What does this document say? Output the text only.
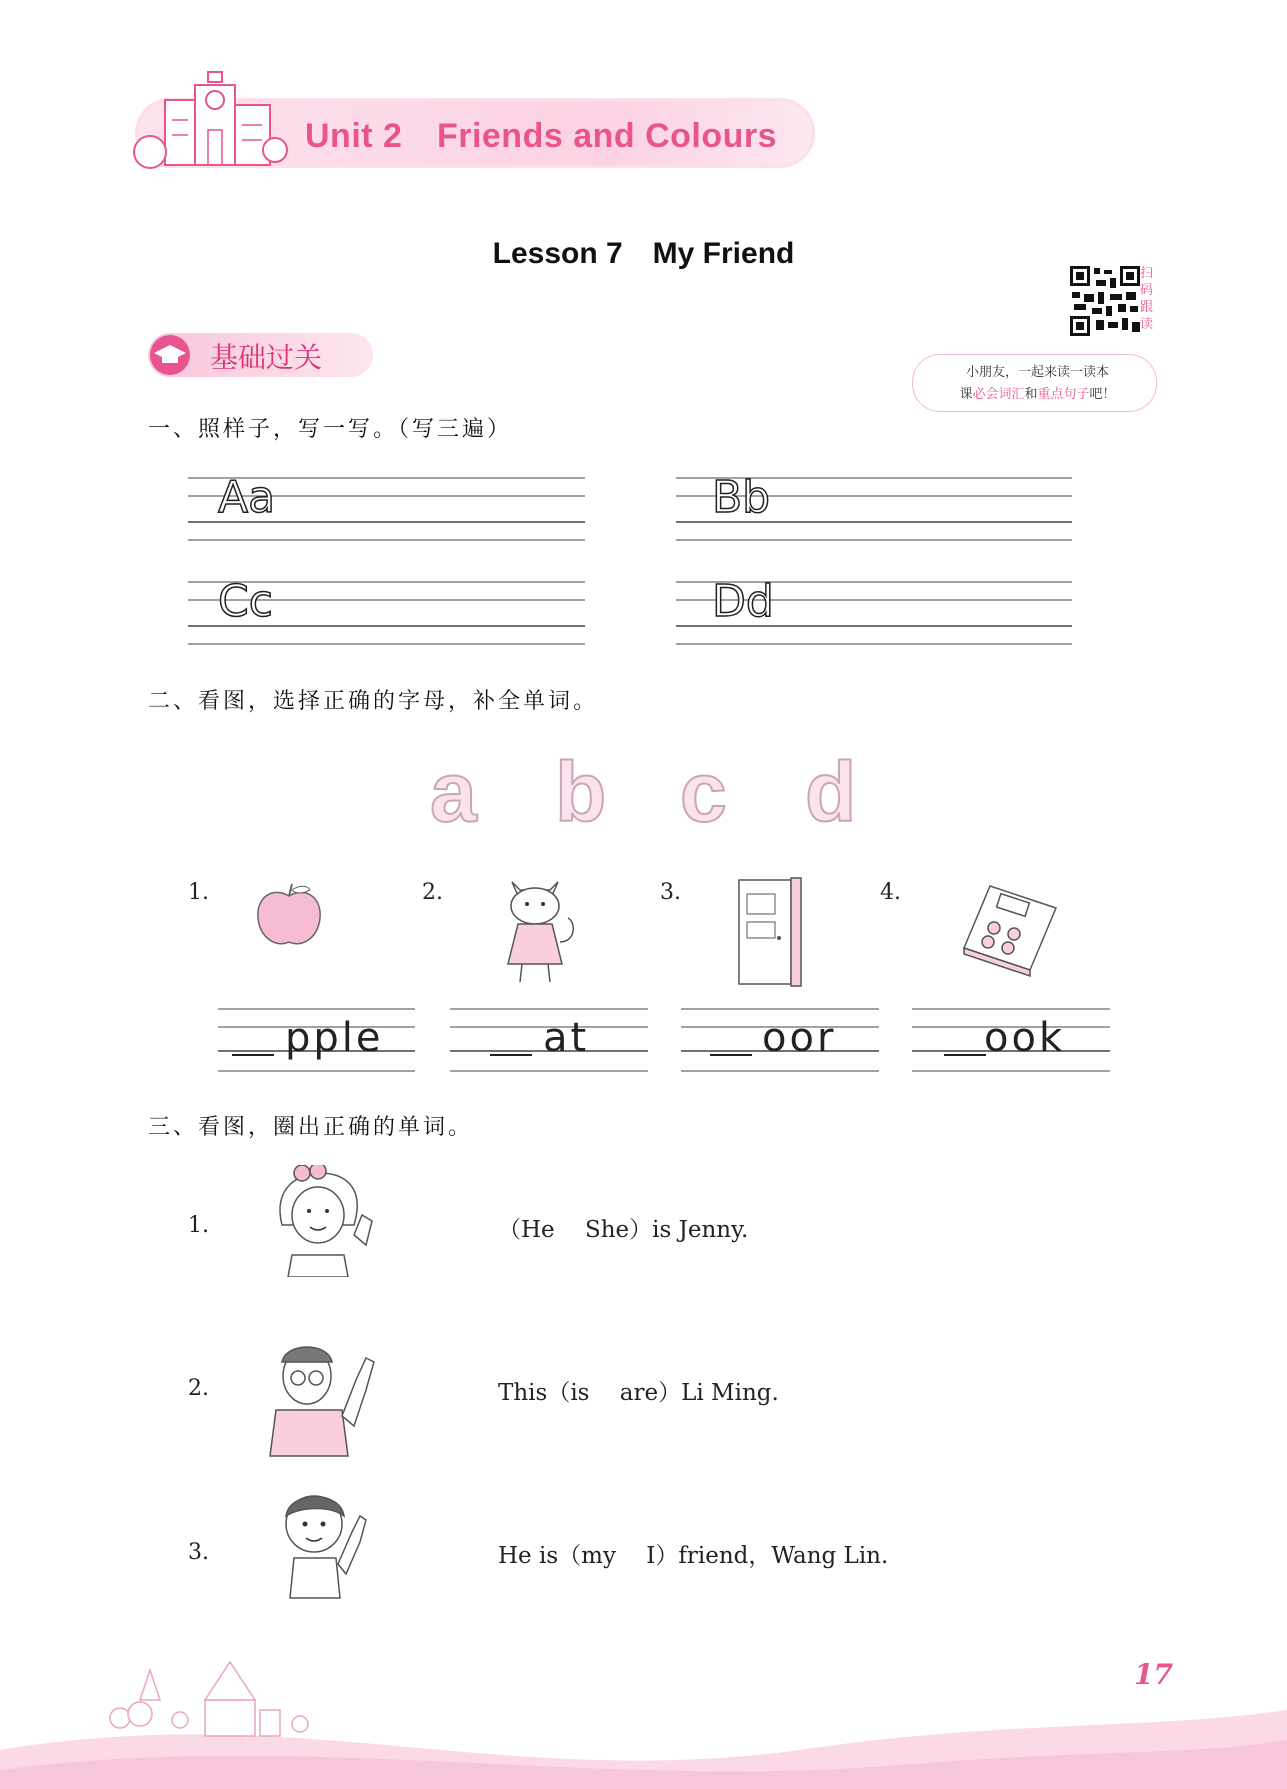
Unit 2　Friends and Colours
Lesson 7　My Friend
扫码跟读
小朋友，一起来读一读本
课必会词汇和重点句子吧！
基础过关
一、照样子，写一写。（写三遍）
Aa	Bb
Cc	Dd
二、看图，选择正确的字母，补全单词。
a b c d
1.	2.	3.	4.
pple	at	oor	ook
三、看图，圈出正确的单词。
1.	（He　 She）is Jenny.
2.	This（is　 are）Li Ming.
3.	He is（my　 I）friend，Wang Lin.
17
